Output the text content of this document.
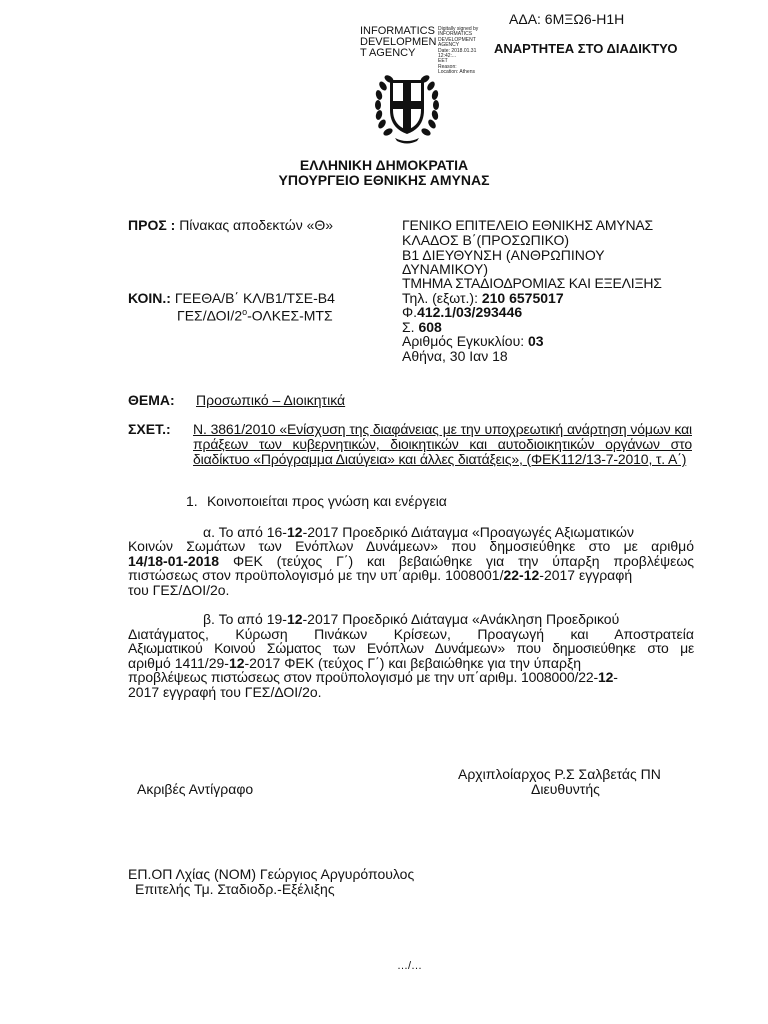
ΑΔΑ: 6ΜΞΩ6-Η1Η
INFORMATICS
DEVELOPMEN
T AGENCY
Digitally signed by
INFORMATICS
DEVELOPMENT AGENCY
Date: 2018.01.31 12:42:...
EET
Reason:
Location: Athens
ΑΝΑΡΤΗΤΕΑ ΣΤΟ ΔΙΑΔΙΚΤΥΟ
ΕΛΛΗΝΙΚΗ ΔΗΜΟΚΡΑΤΙΑ
ΥΠΟΥΡΓΕΙΟ ΕΘΝΙΚΗΣ ΑΜΥΝΑΣ
ΠΡΟΣ : Πίνακας αποδεκτών «Θ»
ΚΟΙΝ.: ΓΕΕΘΑ/Β΄ ΚΛ/Β1/ΤΣΕ-Β4
ΓΕΣ/$\Delta OI/2^o-O\Lambda KE\Sigma$-ΜΤΣ
ΓΕΝΙΚΟ ΕΠΙΤΕΛΕΙΟ ΕΘΝΙΚΗΣ ΑΜΥΝΑΣ
ΚΛΑΔΟΣ Β΄(ΠΡΟΣΩΠΙΚΟ)
Β1 ΔΙΕΥΘΥΝΣΗ (ΑΝΘΡΩΠΙΝΟΥ
ΔΥΝΑΜΙΚΟΥ)
ΤΜΗΜΑ ΣΤΑΔΙΟΔΡΟΜΙΑΣ ΚΑΙ ΕΞΕΛΙΞΗΣ
Τηλ. (εξωτ.): 210 6575017
Φ.412.1/03/293446
Σ. 608
Αριθμός Εγκυκλίου: 03
Αθήνα, 30 Ιαν 18
ΘΕΜΑ: Προσωπικό – Διοικητικά
ΣΧΕΤ.: Ν. 3861/2010 «Ενίσχυση της διαφάνειας με την υποχρεωτική ανάρτηση νόμων και πράξεων των κυβερνητικών, διοικητικών και αυτοδιοικητικών οργάνων στο διαδίκτυο «Πρόγραμμα Διαύγεια» και άλλες διατάξεις», (ΦΕΚ112/13-7-2010, τ. Α΄)
1. Κοινοποιείται προς γνώση και ενέργεια
α. Το από 16-12-2017 Προεδρικό Διάταγμα «Προαγωγές Αξιωματικών
Κοινών Σωμάτων των Ενόπλων Δυνάμεων» που δημοσιεύθηκε στο με αριθμό
14/18-01-2018 ΦΕΚ (τεύχος Γ΄) και βεβαιώθηκε για την ύπαρξη προβλέψεως
πιστώσεως στον προϋπολογισμό με την υπ΄αριθμ. 1008001/22-12-2017 εγγραφή
του ΓΕΣ/ΔΟΙ/2ο.
β. Το από 19-12-2017 Προεδρικό Διάταγμα «Ανάκληση Προεδρικού
Διατάγματος, Κύρωση Πινάκων Κρίσεων, Προαγωγή και Αποστρατεία
Αξιωματικού Κοινού Σώματος των Ενόπλων Δυνάμεων» που δημοσιεύθηκε στο με
αριθμό 1411/29-12-2017 ΦΕΚ (τεύχος Γ΄) και βεβαιώθηκε για την ύπαρξη
προβλέψεως πιστώσεως στον προϋπολογισμό με την υπ΄αριθμ. 1008000/22-12-
2017 εγγραφή του ΓΕΣ/ΔΟΙ/2ο.
Αρχιπλοίαρχος Ρ.Σ Σαλβετάς ΠΝ
Ακριβές Αντίγραφο	Διευθυντής
ΕΠ.ΟΠ Λχίας (ΝΟΜ) Γεώργιος Αργυρόπουλος
Επιτελής Τμ. Σταδιοδρ.-Εξέλιξης
…/…
